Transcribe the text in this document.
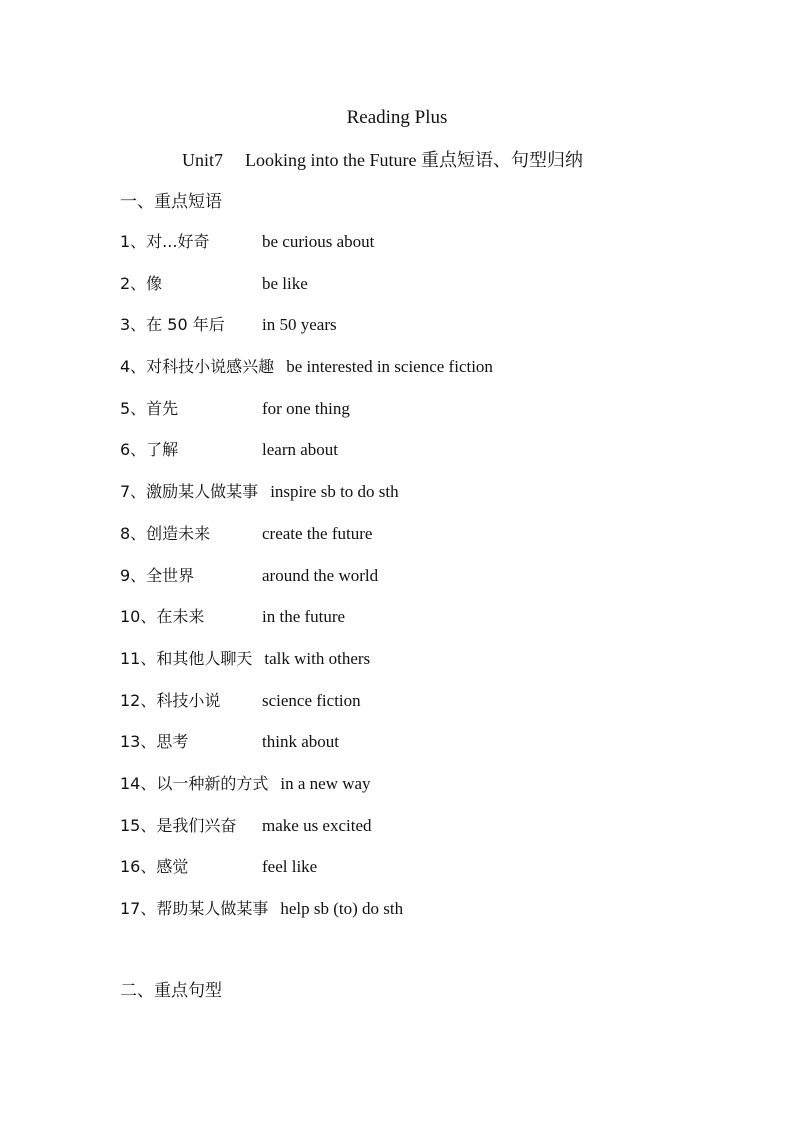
Reading Plus
Unit7 Looking into the Future 重点短语、句型归纳
一、重点短语
1、对...好奇	be curious about
2、像	be like
3、在 50 年后 in 50 years
4、对科技小说感兴趣 be interested in science fiction
5、首先	for one thing
6、了解	learn about
7、激励某人做某事 inspire sb to do sth
8、创造未来	create the future
9、全世界	around the world
10、在未来	in the future
11、和其他人聊天 talk with others
12、科技小说 science fiction
13、思考	think about
14、以一种新的方式 in a new way
15、是我们兴奋 make us excited
16、感觉	feel like
17、帮助某人做某事 help sb (to) do sth
二、重点句型
